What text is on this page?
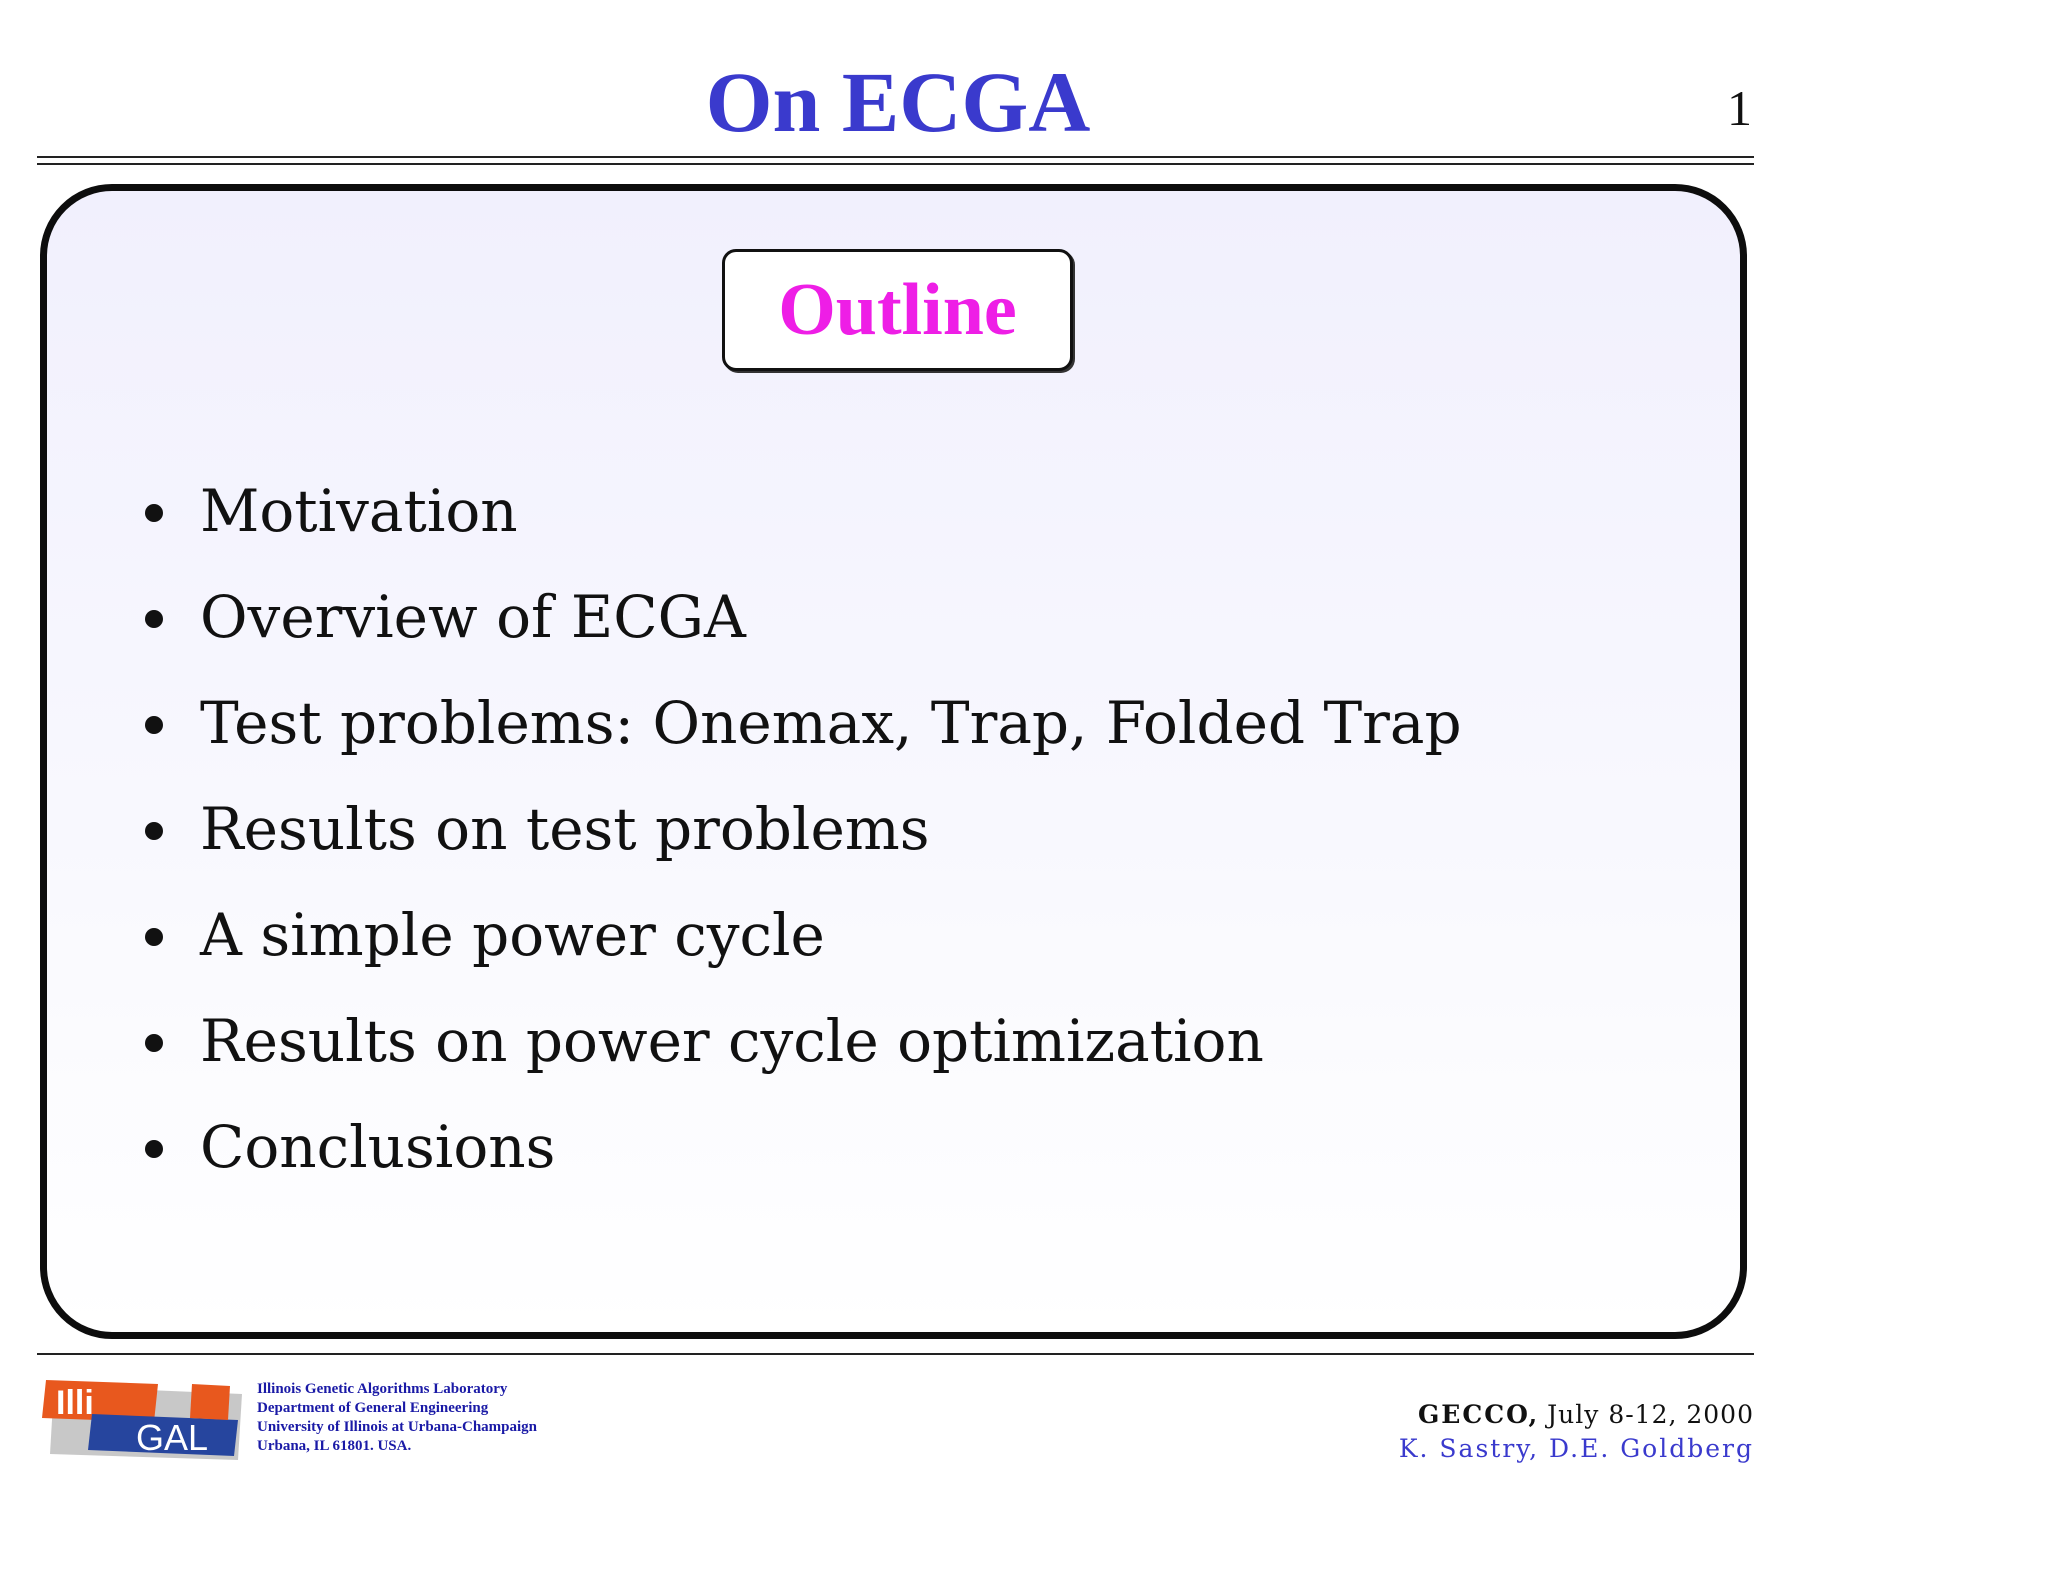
On ECGA	1
Outline
Motivation
Overview of ECGA
Test problems: Onemax, Trap, Folded Trap
Results on test problems
A simple power cycle
Results on power cycle optimization
Conclusions
Illi
GAL
Illinois Genetic Algorithms Laboratory
Department of General Engineering
University of Illinois at Urbana-Champaign
Urbana, IL 61801. USA.
GECCO, July 8-12, 2000
K. Sastry, D.E. Goldberg
